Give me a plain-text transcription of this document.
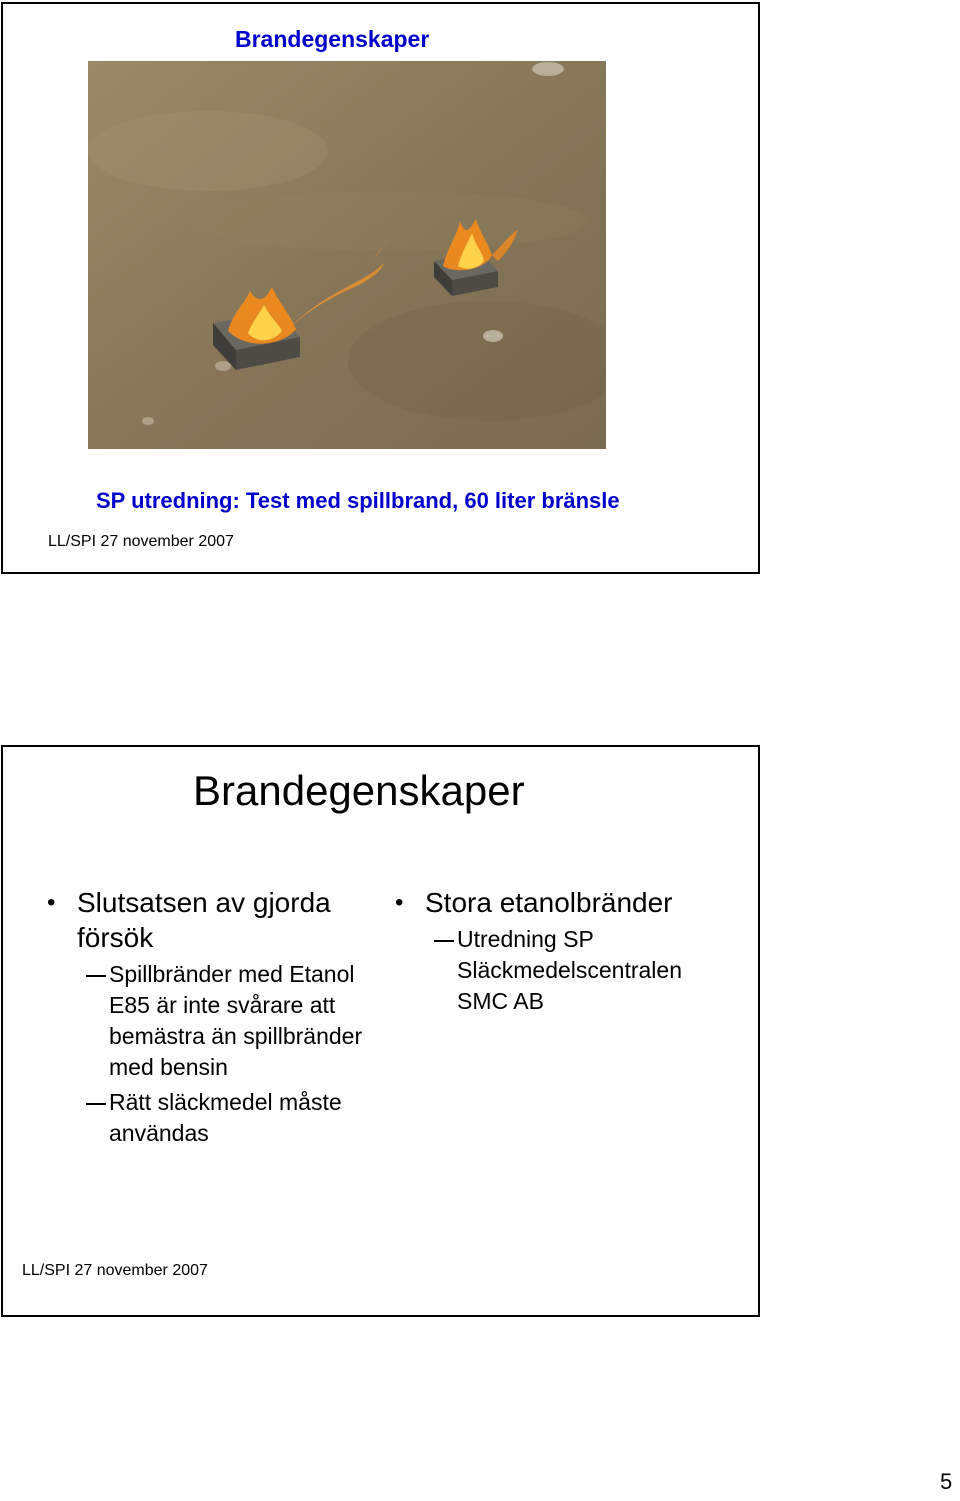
Brandegenskaper
SP utredning: Test med spillbrand, 60 liter bränsle
LL/SPI 27 november 2007
Brandegenskaper
• Slutsatsen av gjorda försök
Spillbränder med Etanol E85 är inte svårare att bemästra än spillbränder med bensin
Rätt släckmedel måste användas
• Stora etanolbränder
Utredning SP Släckmedelscentralen SMC AB
LL/SPI 27 november 2007
5
